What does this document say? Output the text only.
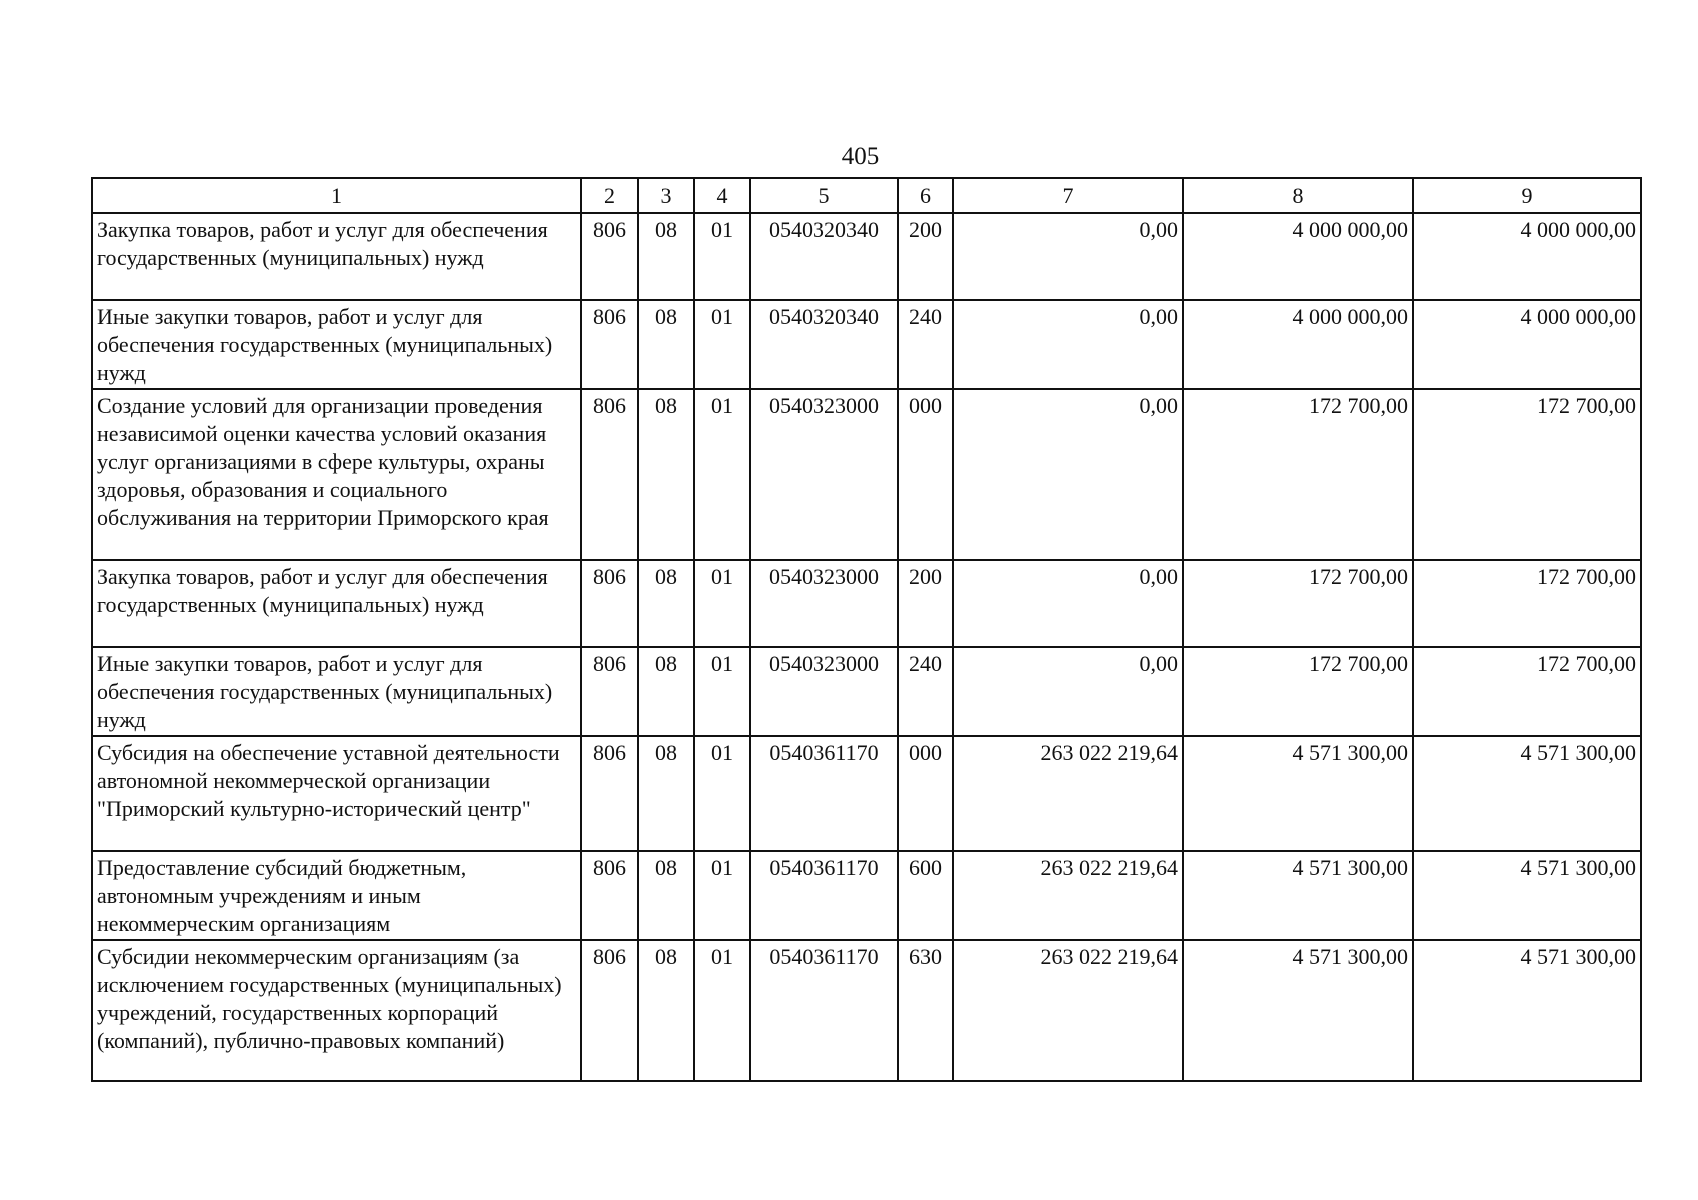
405
1	2	3	4	5	6	7	8	9
Закупка товаров, работ и услуг для обеспечения государственных (муниципальных) нужд	806	08	01	0540320340	200	0,00	4 000 000,00	4 000 000,00
Иные закупки товаров, работ и услуг для обеспечения государственных (муниципальных) нужд	806	08	01	0540320340	240	0,00	4 000 000,00	4 000 000,00
Создание условий для организации проведения независимой оценки качества условий оказания услуг организациями в сфере культуры, охраны здоровья, образования и социального обслуживания на территории Приморского края	806	08	01	0540323000	000	0,00	172 700,00	172 700,00
Закупка товаров, работ и услуг для обеспечения государственных (муниципальных) нужд	806	08	01	0540323000	200	0,00	172 700,00	172 700,00
Иные закупки товаров, работ и услуг для обеспечения государственных (муниципальных) нужд	806	08	01	0540323000	240	0,00	172 700,00	172 700,00
Субсидия на обеспечение уставной деятельности автономной некоммерческой организации "Приморский культурно-исторический центр"	806	08	01	0540361170	000	263 022 219,64	4 571 300,00	4 571 300,00
Предоставление субсидий бюджетным, автономным учреждениям и иным некоммерческим организациям	806	08	01	0540361170	600	263 022 219,64	4 571 300,00	4 571 300,00
Субсидии некоммерческим организациям (за исключением государственных (муниципальных) учреждений, государственных корпораций (компаний), публично-правовых компаний)	806	08	01	0540361170	630	263 022 219,64	4 571 300,00	4 571 300,00
